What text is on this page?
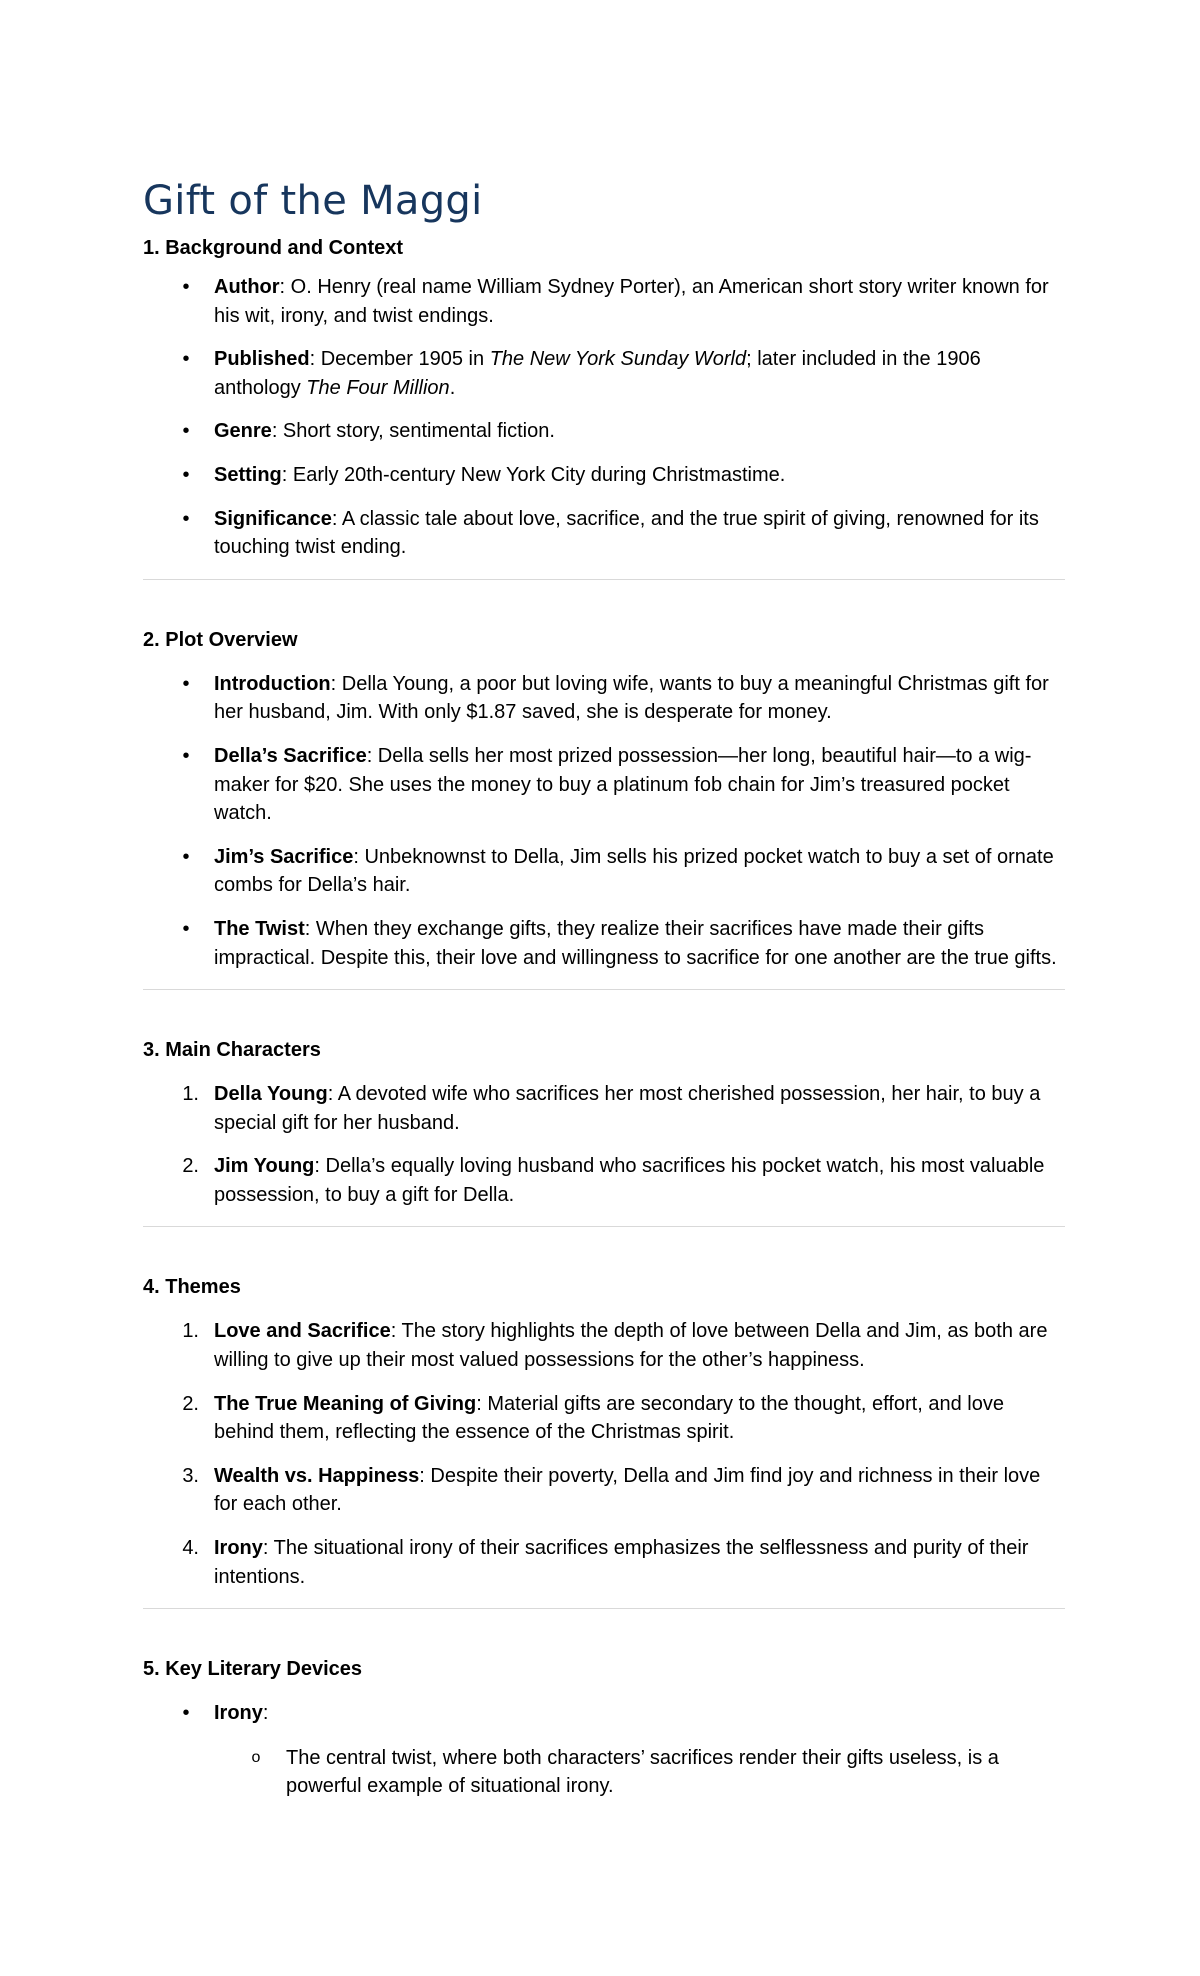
Gift of the Maggi
1. Background and Context
•	Author: O. Henry (real name William Sydney Porter), an American short story writer known for his wit, irony, and twist endings.
•	Published: December 1905 in The New York Sunday World; later included in the 1906 anthology The Four Million.
•	Genre: Short story, sentimental fiction.
•	Setting: Early 20th-century New York City during Christmastime.
•	Significance: A classic tale about love, sacrifice, and the true spirit of giving, renowned for its touching twist ending.
2. Plot Overview
•	Introduction: Della Young, a poor but loving wife, wants to buy a meaningful Christmas gift for her husband, Jim. With only $1.87 saved, she is desperate for money.
•	Della’s Sacrifice: Della sells her most prized possession—her long, beautiful hair—to a wig-maker for $20. She uses the money to buy a platinum fob chain for Jim’s treasured pocket watch.
•	Jim’s Sacrifice: Unbeknownst to Della, Jim sells his prized pocket watch to buy a set of ornate combs for Della’s hair.
•	The Twist: When they exchange gifts, they realize their sacrifices have made their gifts impractical. Despite this, their love and willingness to sacrifice for one another are the true gifts.
3. Main Characters
1. Della Young: A devoted wife who sacrifices her most cherished possession, her hair, to buy a special gift for her husband.
2. Jim Young: Della’s equally loving husband who sacrifices his pocket watch, his most valuable possession, to buy a gift for Della.
4. Themes
1. Love and Sacrifice: The story highlights the depth of love between Della and Jim, as both are willing to give up their most valued possessions for the other’s happiness.
2. The True Meaning of Giving: Material gifts are secondary to the thought, effort, and love behind them, reflecting the essence of the Christmas spirit.
3. Wealth vs. Happiness: Despite their poverty, Della and Jim find joy and richness in their love for each other.
4. Irony: The situational irony of their sacrifices emphasizes the selflessness and purity of their intentions.
5. Key Literary Devices
•	Irony:
o The central twist, where both characters’ sacrifices render their gifts useless, is a powerful example of situational irony.
